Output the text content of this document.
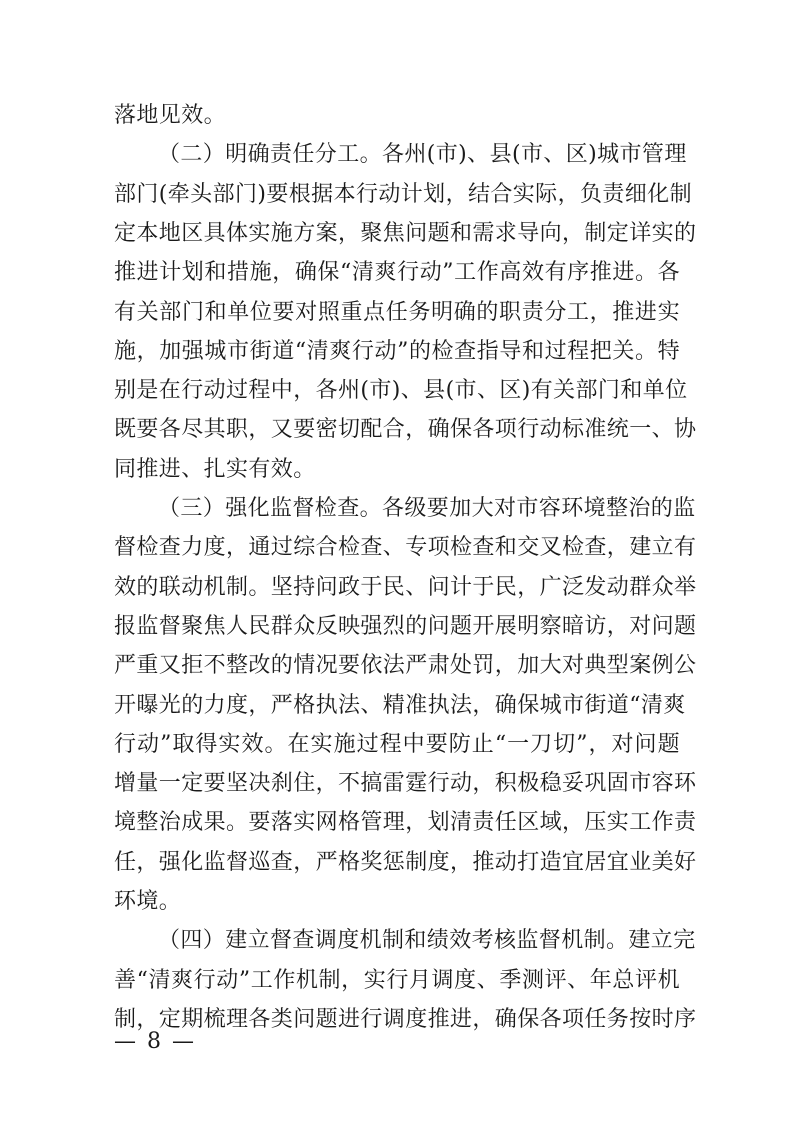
落地见效。
（二）明确责任分工。各州(市)、县(市、区)城市管理
部门(牵头部门)要根据本行动计划，结合实际，负责细化制
定本地区具体实施方案，聚焦问题和需求导向，制定详实的
推进计划和措施，确保“清爽行动”工作高效有序推进。各
有关部门和单位要对照重点任务明确的职责分工，推进实
施，加强城市街道“清爽行动”的检查指导和过程把关。特
别是在行动过程中，各州(市)、县(市、区)有关部门和单位
既要各尽其职，又要密切配合，确保各项行动标准统一、协
同推进、扎实有效。
（三）强化监督检查。各级要加大对市容环境整治的监
督检查力度，通过综合检查、专项检查和交叉检查，建立有
效的联动机制。坚持问政于民、问计于民，广泛发动群众举
报监督聚焦人民群众反映强烈的问题开展明察暗访，对问题
严重又拒不整改的情况要依法严肃处罚，加大对典型案例公
开曝光的力度，严格执法、精准执法，确保城市街道“清爽
行动”取得实效。在实施过程中要防止“一刀切”，对问题
增量一定要坚决刹住，不搞雷霆行动，积极稳妥巩固市容环
境整治成果。要落实网格管理，划清责任区域，压实工作责
任，强化监督巡查，严格奖惩制度，推动打造宜居宜业美好
环境。
（四）建立督查调度机制和绩效考核监督机制。建立完
善“清爽行动”工作机制，实行月调度、季测评、年总评机
制，定期梳理各类问题进行调度推进，确保各项任务按时序
— 8 —
